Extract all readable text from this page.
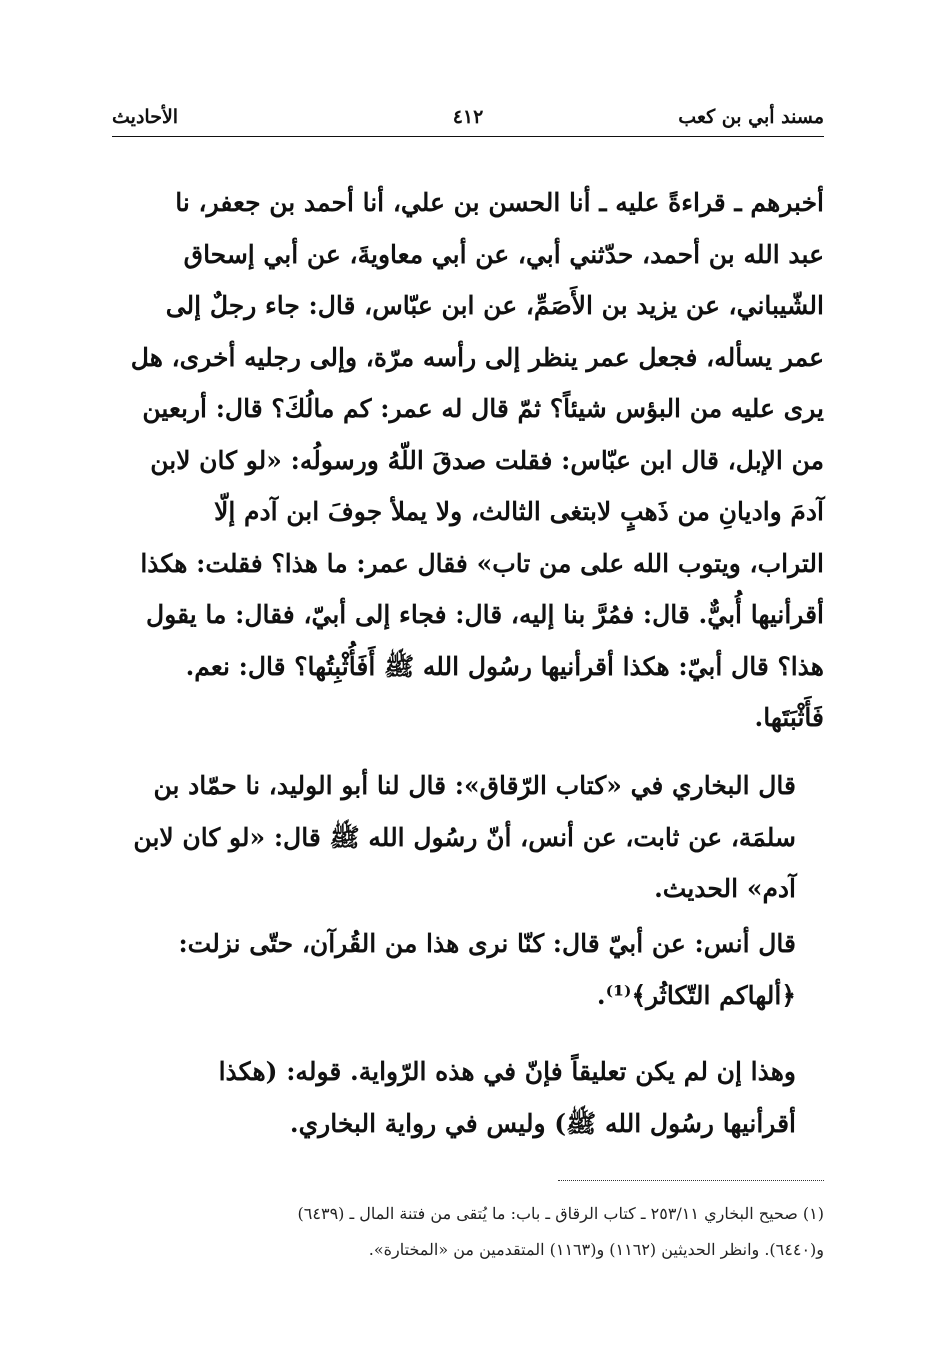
مسند أبي بن كعب
٤١٢
الأحاديث
أخبرهم ـ قراءةً عليه ـ أنا الحسن بن علي، أنا أحمد بن جعفر، نا
عبد الله بن أحمد، حدّثني أبي، عن أبي معاويةَ، عن أبي إسحاق
الشّيباني، عن يزيد بن الأَصَمِّ، عن ابن عبّاس، قال: جاء رجلٌ إلى
عمر يسأله، فجعل عمر ينظر إلى رأسه مرّة، وإلى رجليه أخرى، هل
يرى عليه من البؤس شيئاً؟ ثمّ قال له عمر: كم مالُكَ؟ قال: أربعين
من الإبل، قال ابن عبّاس: فقلت صدقَ اللّهُ ورسولُه: «لو كان لابن
آدمَ واديانِ من ذَهبٍ لابتغى الثالث، ولا يملأ جوفَ ابن آدم إلّا
التراب، ويتوب الله على من تاب» فقال عمر: ما هذا؟ فقلت: هكذا
أقرأنيها أُبيٌّ. قال: فمُرَّ بنا إليه، قال: فجاء إلى أبيّ، فقال: ما يقول
هذا؟ قال أبيّ: هكذا أقرأنيها رسُول الله ﷺ أَفَأُثْبِتُها؟ قال: نعم.
فَأَثْبَتَها.
قال البخاري في «كتاب الرّقاق»: قال لنا أبو الوليد، نا حمّاد بن
سلمَة، عن ثابت، عن أنس، أنّ رسُول الله ﷺ قال: «لو كان لابن
آدم» الحديث.
قال أنس: عن أبيّ قال: كنّا نرى هذا من القُرآن، حتّى نزلت:
﴿ألهاكم التّكاثُر﴾⁽¹⁾.
وهذا إن لم يكن تعليقاً فإنّ في هذه الرّواية. قوله: (هكذا
أقرأنيها رسُول الله ﷺ) وليس في رواية البخاري.
(١) صحيح البخاري ٢٥٣/١١ ـ كتاب الرقاق ـ باب: ما يُتقى من فتنة المال ـ (٦٤٣٩)
و(٦٤٤٠). وانظر الحديثين (١١٦٢) و(١١٦٣) المتقدمين من «المختارة».
